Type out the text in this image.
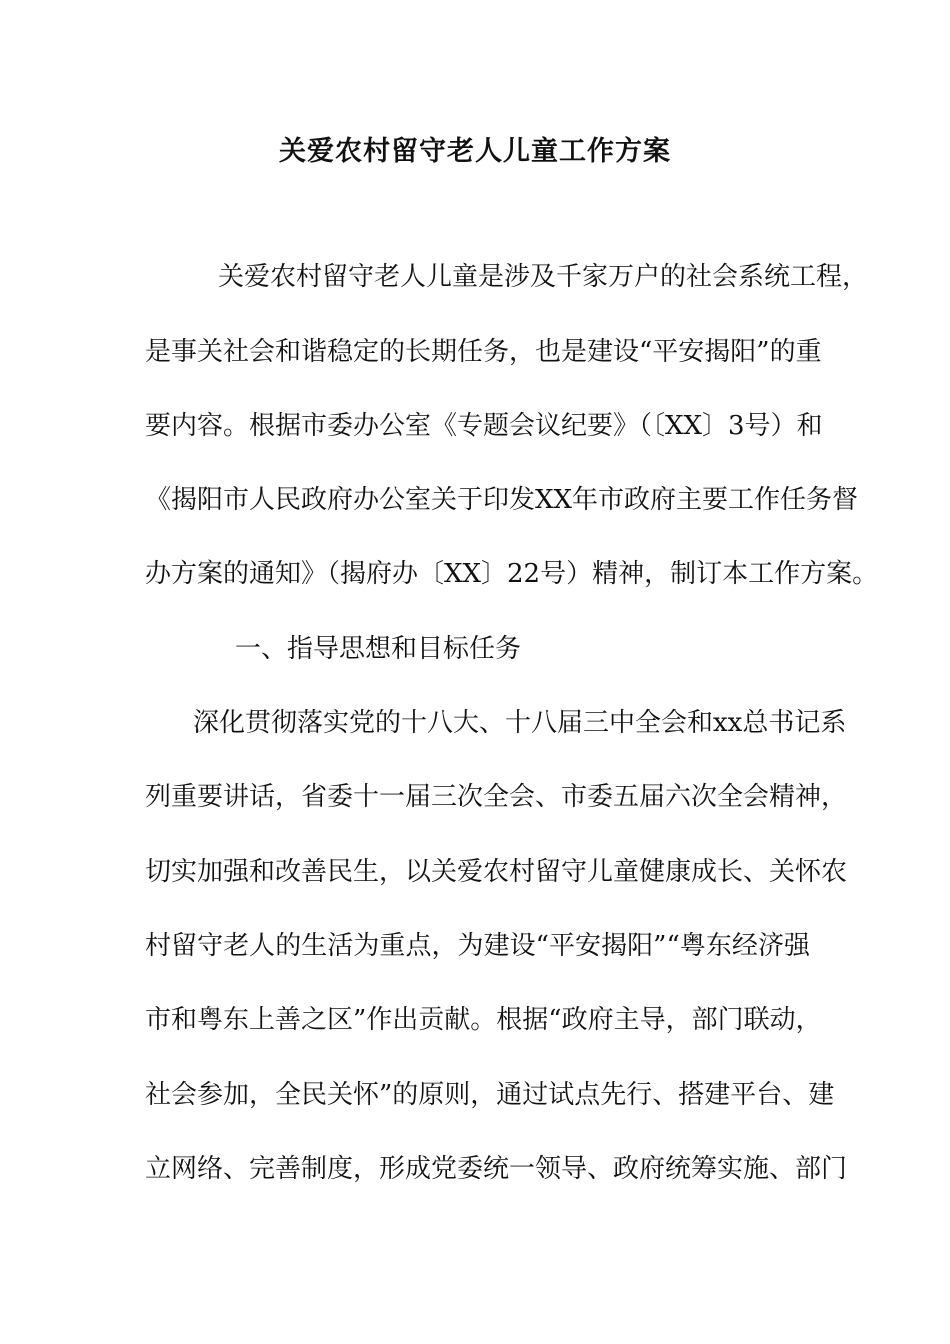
关爱农村留守老人儿童工作方案

关爱农村留守老人儿童是涉及千家万户的社会系统工程，

是事关社会和谐稳定的长期任务，也是建设“平安揭阳”的重

要内容。根据市委办公室《专题会议纪要》（〔XX〕3号）和

《揭阳市人民政府办公室关于印发XX年市政府主要工作任务督

办方案的通知》（揭府办〔XX〕22号）精神，制订本工作方案。

一、指导思想和目标任务

深化贯彻落实党的十八大、十八届三中全会和xx总书记系

列重要讲话，省委十一届三次全会、市委五届六次全会精神，

切实加强和改善民生，以关爱农村留守儿童健康成长、关怀农

村留守老人的生活为重点，为建设“平安揭阳”“粤东经济强

市和粤东上善之区”作出贡献。根据“政府主导，部门联动，

社会参加，全民关怀”的原则，通过试点先行、搭建平台、建

立网络、完善制度，形成党委统一领导、政府统筹实施、部门
